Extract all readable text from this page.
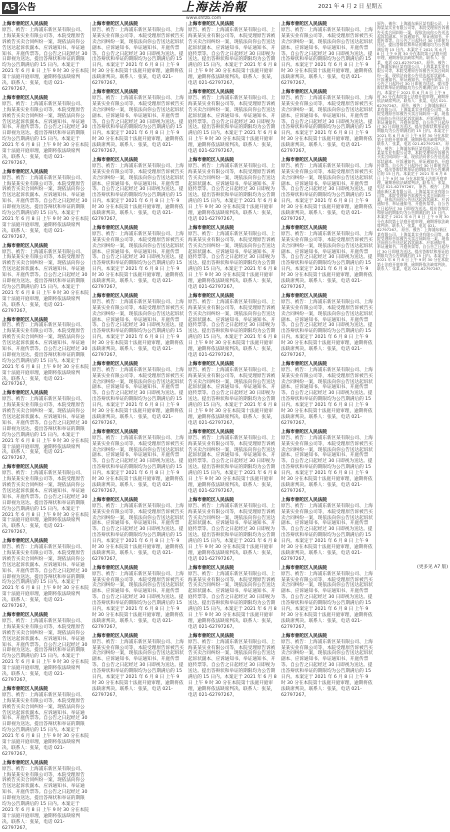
A5 公告	上海法治報	2021 年 4 月 2 日 星期五
www.shfzb.com
上海市普陀区人民法院
原告、被告：上海浦东新区某有限公司、上海某某实业有限公司等，本院受理原告诉被告买卖合同纠纷一案，现依法向你公告送达起诉状副本、应诉通知书、举证通知书、开庭传票等。自公告之日起经过 30 日即视为送达。提出答辩状和举证的期限均为公告期满后的 15 日内。本案定于 2021 年 6 月 8 日 上午 9 时 30 分在本院第十法庭开庭审理，逾期将依法缺席判决。联系人：张某，电话 021-62797267。
上海市普陀区人民法院
原告、被告：上海浦东新区某有限公司、上海某某实业有限公司等，本院受理原告诉被告买卖合同纠纷一案，现依法向你公告送达起诉状副本、应诉通知书、举证通知书、开庭传票等。自公告之日起经过 30 日即视为送达。提出答辩状和举证的期限均为公告期满后的 15 日内。本案定于 2021 年 6 月 8 日 上午 9 时 30 分在本院第十法庭开庭审理，逾期将依法缺席判决。联系人：张某，电话 021-62797267。
上海市普陀区人民法院
原告、被告：上海浦东新区某有限公司、上海某某实业有限公司等，本院受理原告诉被告买卖合同纠纷一案，现依法向你公告送达起诉状副本、应诉通知书、举证通知书、开庭传票等。自公告之日起经过 30 日即视为送达。提出答辩状和举证的期限均为公告期满后的 15 日内。本案定于 2021 年 6 月 8 日 上午 9 时 30 分在本院第十法庭开庭审理，逾期将依法缺席判决。联系人：张某，电话 021-62797267。
上海市普陀区人民法院
原告、被告：上海浦东新区某有限公司、上海某某实业有限公司等，本院受理原告诉被告买卖合同纠纷一案，现依法向你公告送达起诉状副本、应诉通知书、举证通知书、开庭传票等。自公告之日起经过 30 日即视为送达。提出答辩状和举证的期限均为公告期满后的 15 日内。本案定于 2021 年 6 月 8 日 上午 9 时 30 分在本院第十法庭开庭审理，逾期将依法缺席判决。联系人：张某，电话 021-62797267。
上海市普陀区人民法院
原告、被告：上海浦东新区某有限公司、上海某某实业有限公司等，本院受理原告诉被告买卖合同纠纷一案，现依法向你公告送达起诉状副本、应诉通知书、举证通知书、开庭传票等。自公告之日起经过 30 日即视为送达。提出答辩状和举证的期限均为公告期满后的 15 日内。本案定于 2021 年 6 月 8 日 上午 9 时 30 分在本院第十法庭开庭审理，逾期将依法缺席判决。联系人：张某，电话 021-62797267。
上海市普陀区人民法院
原告、被告：上海浦东新区某有限公司、上海某某实业有限公司等，本院受理原告诉被告买卖合同纠纷一案，现依法向你公告送达起诉状副本、应诉通知书、举证通知书、开庭传票等。自公告之日起经过 30 日即视为送达。提出答辩状和举证的期限均为公告期满后的 15 日内。本案定于 2021 年 6 月 8 日 上午 9 时 30 分在本院第十法庭开庭审理，逾期将依法缺席判决。联系人：张某，电话 021-62797267。
上海市普陀区人民法院
原告、被告：上海浦东新区某有限公司、上海某某实业有限公司等，本院受理原告诉被告买卖合同纠纷一案，现依法向你公告送达起诉状副本、应诉通知书、举证通知书、开庭传票等。自公告之日起经过 30 日即视为送达。提出答辩状和举证的期限均为公告期满后的 15 日内。本案定于 2021 年 6 月 8 日 上午 9 时 30 分在本院第十法庭开庭审理，逾期将依法缺席判决。联系人：张某，电话 021-62797267。
上海市普陀区人民法院
原告、被告：上海浦东新区某有限公司、上海某某实业有限公司等，本院受理原告诉被告买卖合同纠纷一案，现依法向你公告送达起诉状副本、应诉通知书、举证通知书、开庭传票等。自公告之日起经过 30 日即视为送达。提出答辩状和举证的期限均为公告期满后的 15 日内。本案定于 2021 年 6 月 8 日 上午 9 时 30 分在本院第十法庭开庭审理，逾期将依法缺席判决。联系人：张某，电话 021-62797267。
上海市普陀区人民法院
原告、被告：上海浦东新区某有限公司、上海某某实业有限公司等，本院受理原告诉被告买卖合同纠纷一案，现依法向你公告送达起诉状副本、应诉通知书、举证通知书、开庭传票等。自公告之日起经过 30 日即视为送达。提出答辩状和举证的期限均为公告期满后的 15 日内。本案定于 2021 年 6 月 8 日 上午 9 时 30 分在本院第十法庭开庭审理，逾期将依法缺席判决。联系人：张某，电话 021-62797267。
上海市普陀区人民法院
原告、被告：上海浦东新区某有限公司、上海某某实业有限公司等，本院受理原告诉被告买卖合同纠纷一案，现依法向你公告送达起诉状副本、应诉通知书、举证通知书、开庭传票等。自公告之日起经过 30 日即视为送达。提出答辩状和举证的期限均为公告期满后的 15 日内。本案定于 2021 年 6 月 8 日 上午 9 时 30 分在本院第十法庭开庭审理，逾期将依法缺席判决。联系人：张某，电话 021-62797267。
上海市普陀区人民法院
原告、被告：上海浦东新区某有限公司、上海某某实业有限公司等，本院受理原告诉被告买卖合同纠纷一案，现依法向你公告送达起诉状副本、应诉通知书、举证通知书、开庭传票等。自公告之日起经过 30 日即视为送达。提出答辩状和举证的期限均为公告期满后的 15 日内。本案定于 2021 年 6 月 8 日 上午 9 时 30 分在本院第十法庭开庭审理，逾期将依法缺席判决。联系人：张某，电话 021-62797267。
上海市普陀区人民法院
原告、被告：上海浦东新区某有限公司、上海某某实业有限公司等，本院受理原告诉被告买卖合同纠纷一案，现依法向你公告送达起诉状副本、应诉通知书、举证通知书、开庭传票等。自公告之日起经过 30 日即视为送达。提出答辩状和举证的期限均为公告期满后的 15 日内。本案定于 2021 年 6 月 8 日 上午 9 时 30 分在本院第十法庭开庭审理，逾期将依法缺席判决。联系人：张某，电话 021-62797267。
上海市普陀区人民法院
原告、被告：上海浦东新区某有限公司、上海某某实业有限公司等，本院受理原告诉被告买卖合同纠纷一案，现依法向你公告送达起诉状副本、应诉通知书、举证通知书、开庭传票等。自公告之日起经过 30 日即视为送达。提出答辩状和举证的期限均为公告期满后的 15 日内。本案定于 2021 年 6 月 8 日 上午 9 时 30 分在本院第十法庭开庭审理，逾期将依法缺席判决。联系人：张某，电话 021-62797267。
上海市普陀区人民法院
原告、被告：上海浦东新区某有限公司、上海某某实业有限公司等，本院受理原告诉被告买卖合同纠纷一案，现依法向你公告送达起诉状副本、应诉通知书、举证通知书、开庭传票等。自公告之日起经过 30 日即视为送达。提出答辩状和举证的期限均为公告期满后的 15 日内。本案定于 2021 年 6 月 8 日 上午 9 时 30 分在本院第十法庭开庭审理，逾期将依法缺席判决。联系人：张某，电话 021-62797267。
上海市普陀区人民法院
原告、被告：上海浦东新区某有限公司、上海某某实业有限公司等，本院受理原告诉被告买卖合同纠纷一案，现依法向你公告送达起诉状副本、应诉通知书、举证通知书、开庭传票等。自公告之日起经过 30 日即视为送达。提出答辩状和举证的期限均为公告期满后的 15 日内。本案定于 2021 年 6 月 8 日 上午 9 时 30 分在本院第十法庭开庭审理，逾期将依法缺席判决。联系人：张某，电话 021-62797267。
上海市普陀区人民法院
原告、被告：上海浦东新区某有限公司、上海某某实业有限公司等，本院受理原告诉被告买卖合同纠纷一案，现依法向你公告送达起诉状副本、应诉通知书、举证通知书、开庭传票等。自公告之日起经过 30 日即视为送达。提出答辩状和举证的期限均为公告期满后的 15 日内。本案定于 2021 年 6 月 8 日 上午 9 时 30 分在本院第十法庭开庭审理，逾期将依法缺席判决。联系人：张某，电话 021-62797267。
上海市普陀区人民法院
原告、被告：上海浦东新区某有限公司、上海某某实业有限公司等，本院受理原告诉被告买卖合同纠纷一案，现依法向你公告送达起诉状副本、应诉通知书、举证通知书、开庭传票等。自公告之日起经过 30 日即视为送达。提出答辩状和举证的期限均为公告期满后的 15 日内。本案定于 2021 年 6 月 8 日 上午 9 时 30 分在本院第十法庭开庭审理，逾期将依法缺席判决。联系人：张某，电话 021-62797267。
上海市普陀区人民法院
原告、被告：上海浦东新区某有限公司、上海某某实业有限公司等，本院受理原告诉被告买卖合同纠纷一案，现依法向你公告送达起诉状副本、应诉通知书、举证通知书、开庭传票等。自公告之日起经过 30 日即视为送达。提出答辩状和举证的期限均为公告期满后的 15 日内。本案定于 2021 年 6 月 8 日 上午 9 时 30 分在本院第十法庭开庭审理，逾期将依法缺席判决。联系人：张某，电话 021-62797267。
上海市普陀区人民法院
原告、被告：上海浦东新区某有限公司、上海某某实业有限公司等，本院受理原告诉被告买卖合同纠纷一案，现依法向你公告送达起诉状副本、应诉通知书、举证通知书、开庭传票等。自公告之日起经过 30 日即视为送达。提出答辩状和举证的期限均为公告期满后的 15 日内。本案定于 2021 年 6 月 8 日 上午 9 时 30 分在本院第十法庭开庭审理，逾期将依法缺席判决。联系人：张某，电话 021-62797267。
上海市普陀区人民法院
原告、被告：上海浦东新区某有限公司、上海某某实业有限公司等，本院受理原告诉被告买卖合同纠纷一案，现依法向你公告送达起诉状副本、应诉通知书、举证通知书、开庭传票等。自公告之日起经过 30 日即视为送达。提出答辩状和举证的期限均为公告期满后的 15 日内。本案定于 2021 年 6 月 8 日 上午 9 时 30 分在本院第十法庭开庭审理，逾期将依法缺席判决。联系人：张某，电话 021-62797267。
上海市普陀区人民法院
原告、被告：上海浦东新区某有限公司、上海某某实业有限公司等，本院受理原告诉被告买卖合同纠纷一案，现依法向你公告送达起诉状副本、应诉通知书、举证通知书、开庭传票等。自公告之日起经过 30 日即视为送达。提出答辩状和举证的期限均为公告期满后的 15 日内。本案定于 2021 年 6 月 8 日 上午 9 时 30 分在本院第十法庭开庭审理，逾期将依法缺席判决。联系人：张某，电话 021-62797267。
上海市普陀区人民法院
原告、被告：上海浦东新区某有限公司、上海某某实业有限公司等，本院受理原告诉被告买卖合同纠纷一案，现依法向你公告送达起诉状副本、应诉通知书、举证通知书、开庭传票等。自公告之日起经过 30 日即视为送达。提出答辩状和举证的期限均为公告期满后的 15 日内。本案定于 2021 年 6 月 8 日 上午 9 时 30 分在本院第十法庭开庭审理，逾期将依法缺席判决。联系人：张某，电话 021-62797267。
上海市普陀区人民法院
原告、被告：上海浦东新区某有限公司、上海某某实业有限公司等，本院受理原告诉被告买卖合同纠纷一案，现依法向你公告送达起诉状副本、应诉通知书、举证通知书、开庭传票等。自公告之日起经过 30 日即视为送达。提出答辩状和举证的期限均为公告期满后的 15 日内。本案定于 2021 年 6 月 8 日 上午 9 时 30 分在本院第十法庭开庭审理，逾期将依法缺席判决。联系人：张某，电话 021-62797267。
上海市普陀区人民法院
原告、被告：上海浦东新区某有限公司、上海某某实业有限公司等，本院受理原告诉被告买卖合同纠纷一案，现依法向你公告送达起诉状副本、应诉通知书、举证通知书、开庭传票等。自公告之日起经过 30 日即视为送达。提出答辩状和举证的期限均为公告期满后的 15 日内。本案定于 2021 年 6 月 8 日 上午 9 时 30 分在本院第十法庭开庭审理，逾期将依法缺席判决。联系人：张某，电话 021-62797267。
上海市普陀区人民法院
原告、被告：上海浦东新区某有限公司、上海某某实业有限公司等，本院受理原告诉被告买卖合同纠纷一案，现依法向你公告送达起诉状副本、应诉通知书、举证通知书、开庭传票等。自公告之日起经过 30 日即视为送达。提出答辩状和举证的期限均为公告期满后的 15 日内。本案定于 2021 年 6 月 8 日 上午 9 时 30 分在本院第十法庭开庭审理，逾期将依法缺席判决。联系人：张某，电话 021-62797267。
上海市普陀区人民法院
原告、被告：上海浦东新区某有限公司、上海某某实业有限公司等，本院受理原告诉被告买卖合同纠纷一案，现依法向你公告送达起诉状副本、应诉通知书、举证通知书、开庭传票等。自公告之日起经过 30 日即视为送达。提出答辩状和举证的期限均为公告期满后的 15 日内。本案定于 2021 年 6 月 8 日 上午 9 时 30 分在本院第十法庭开庭审理，逾期将依法缺席判决。联系人：张某，电话 021-62797267。
上海市普陀区人民法院
原告、被告：上海浦东新区某有限公司、上海某某实业有限公司等，本院受理原告诉被告买卖合同纠纷一案，现依法向你公告送达起诉状副本、应诉通知书、举证通知书、开庭传票等。自公告之日起经过 30 日即视为送达。提出答辩状和举证的期限均为公告期满后的 15 日内。本案定于 2021 年 6 月 8 日 上午 9 时 30 分在本院第十法庭开庭审理，逾期将依法缺席判决。联系人：张某，电话 021-62797267。
上海市普陀区人民法院
原告、被告：上海浦东新区某有限公司、上海某某实业有限公司等，本院受理原告诉被告买卖合同纠纷一案，现依法向你公告送达起诉状副本、应诉通知书、举证通知书、开庭传票等。自公告之日起经过 30 日即视为送达。提出答辩状和举证的期限均为公告期满后的 15 日内。本案定于 2021 年 6 月 8 日 上午 9 时 30 分在本院第十法庭开庭审理，逾期将依法缺席判决。联系人：张某，电话 021-62797267。
上海市普陀区人民法院
原告、被告：上海浦东新区某有限公司、上海某某实业有限公司等，本院受理原告诉被告买卖合同纠纷一案，现依法向你公告送达起诉状副本、应诉通知书、举证通知书、开庭传票等。自公告之日起经过 30 日即视为送达。提出答辩状和举证的期限均为公告期满后的 15 日内。本案定于 2021 年 6 月 8 日 上午 9 时 30 分在本院第十法庭开庭审理，逾期将依法缺席判决。联系人：张某，电话 021-62797267。
上海市普陀区人民法院
原告、被告：上海浦东新区某有限公司、上海某某实业有限公司等，本院受理原告诉被告买卖合同纠纷一案，现依法向你公告送达起诉状副本、应诉通知书、举证通知书、开庭传票等。自公告之日起经过 30 日即视为送达。提出答辩状和举证的期限均为公告期满后的 15 日内。本案定于 2021 年 6 月 8 日 上午 9 时 30 分在本院第十法庭开庭审理，逾期将依法缺席判决。联系人：张某，电话 021-62797267。
上海市普陀区人民法院
原告、被告：上海浦东新区某有限公司、上海某某实业有限公司等，本院受理原告诉被告买卖合同纠纷一案，现依法向你公告送达起诉状副本、应诉通知书、举证通知书、开庭传票等。自公告之日起经过 30 日即视为送达。提出答辩状和举证的期限均为公告期满后的 15 日内。本案定于 2021 年 6 月 8 日 上午 9 时 30 分在本院第十法庭开庭审理，逾期将依法缺席判决。联系人：张某，电话 021-62797267。
上海市普陀区人民法院
原告、被告：上海浦东新区某有限公司、上海某某实业有限公司等，本院受理原告诉被告买卖合同纠纷一案，现依法向你公告送达起诉状副本、应诉通知书、举证通知书、开庭传票等。自公告之日起经过 30 日即视为送达。提出答辩状和举证的期限均为公告期满后的 15 日内。本案定于 2021 年 6 月 8 日 上午 9 时 30 分在本院第十法庭开庭审理，逾期将依法缺席判决。联系人：张某，电话 021-62797267。
上海市普陀区人民法院
原告、被告：上海浦东新区某有限公司、上海某某实业有限公司等，本院受理原告诉被告买卖合同纠纷一案，现依法向你公告送达起诉状副本、应诉通知书、举证通知书、开庭传票等。自公告之日起经过 30 日即视为送达。提出答辩状和举证的期限均为公告期满后的 15 日内。本案定于 2021 年 6 月 8 日 上午 9 时 30 分在本院第十法庭开庭审理，逾期将依法缺席判决。联系人：张某，电话 021-62797267。
上海市普陀区人民法院
原告、被告：上海浦东新区某有限公司、上海某某实业有限公司等，本院受理原告诉被告买卖合同纠纷一案，现依法向你公告送达起诉状副本、应诉通知书、举证通知书、开庭传票等。自公告之日起经过 30 日即视为送达。提出答辩状和举证的期限均为公告期满后的 15 日内。本案定于 2021 年 6 月 8 日 上午 9 时 30 分在本院第十法庭开庭审理，逾期将依法缺席判决。联系人：张某，电话 021-62797267。
上海市普陀区人民法院
原告、被告：上海浦东新区某有限公司、上海某某实业有限公司等，本院受理原告诉被告买卖合同纠纷一案，现依法向你公告送达起诉状副本、应诉通知书、举证通知书、开庭传票等。自公告之日起经过 30 日即视为送达。提出答辩状和举证的期限均为公告期满后的 15 日内。本案定于 2021 年 6 月 8 日 上午 9 时 30 分在本院第十法庭开庭审理，逾期将依法缺席判决。联系人：张某，电话 021-62797267。
上海市普陀区人民法院
原告、被告：上海浦东新区某有限公司、上海某某实业有限公司等，本院受理原告诉被告买卖合同纠纷一案，现依法向你公告送达起诉状副本、应诉通知书、举证通知书、开庭传票等。自公告之日起经过 30 日即视为送达。提出答辩状和举证的期限均为公告期满后的 15 日内。本案定于 2021 年 6 月 8 日 上午 9 时 30 分在本院第十法庭开庭审理，逾期将依法缺席判决。联系人：张某，电话 021-62797267。
上海市普陀区人民法院
原告、被告：上海浦东新区某有限公司、上海某某实业有限公司等，本院受理原告诉被告买卖合同纠纷一案，现依法向你公告送达起诉状副本、应诉通知书、举证通知书、开庭传票等。自公告之日起经过 30 日即视为送达。提出答辩状和举证的期限均为公告期满后的 15 日内。本案定于 2021 年 6 月 8 日 上午 9 时 30 分在本院第十法庭开庭审理，逾期将依法缺席判决。联系人：张某，电话 021-62797267。
上海市普陀区人民法院
原告、被告：上海浦东新区某有限公司、上海某某实业有限公司等，本院受理原告诉被告买卖合同纠纷一案，现依法向你公告送达起诉状副本、应诉通知书、举证通知书、开庭传票等。自公告之日起经过 30 日即视为送达。提出答辩状和举证的期限均为公告期满后的 15 日内。本案定于 2021 年 6 月 8 日 上午 9 时 30 分在本院第十法庭开庭审理，逾期将依法缺席判决。联系人：张某，电话 021-62797267。
上海市普陀区人民法院
原告、被告：上海浦东新区某有限公司、上海某某实业有限公司等，本院受理原告诉被告买卖合同纠纷一案，现依法向你公告送达起诉状副本、应诉通知书、举证通知书、开庭传票等。自公告之日起经过 30 日即视为送达。提出答辩状和举证的期限均为公告期满后的 15 日内。本案定于 2021 年 6 月 8 日 上午 9 时 30 分在本院第十法庭开庭审理，逾期将依法缺席判决。联系人：张某，电话 021-62797267。
上海市普陀区人民法院
原告、被告：上海浦东新区某有限公司、上海某某实业有限公司等，本院受理原告诉被告买卖合同纠纷一案，现依法向你公告送达起诉状副本、应诉通知书、举证通知书、开庭传票等。自公告之日起经过 30 日即视为送达。提出答辩状和举证的期限均为公告期满后的 15 日内。本案定于 2021 年 6 月 8 日 上午 9 时 30 分在本院第十法庭开庭审理，逾期将依法缺席判决。联系人：张某，电话 021-62797267。
上海市普陀区人民法院
原告、被告：上海浦东新区某有限公司、上海某某实业有限公司等，本院受理原告诉被告买卖合同纠纷一案，现依法向你公告送达起诉状副本、应诉通知书、举证通知书、开庭传票等。自公告之日起经过 30 日即视为送达。提出答辩状和举证的期限均为公告期满后的 15 日内。本案定于 2021 年 6 月 8 日 上午 9 时 30 分在本院第十法庭开庭审理，逾期将依法缺席判决。联系人：张某，电话 021-62797267。
原告、被告：上海浦东新区某有限公司、上海某某实业有限公司等，本院受理原告诉被告买卖合同纠纷一案，现依法向你公告送达起诉状副本、应诉通知书、举证通知书、开庭传票等。自公告之日起经过 30 日即视为送达。提出答辩状和举证的期限均为公告期满后的 15 日内。本案定于 2021 年 6 月 8 日 上午 9 时 30 分在本院第十法庭开庭审理，逾期将依法缺席判决。联系人：张某，电话 021-62797267。 原告、被告：上海浦东新区某有限公司、上海某某实业有限公司等，本院受理原告诉被告买卖合同纠纷一案，现依法向你公告送达起诉状副本、应诉通知书、举证通知书、开庭传票等。自公告之日起经过 30 日即视为送达。提出答辩状和举证的期限均为公告期满后的 15 日内。本案定于 2021 年 6 月 8 日 上午 9 时 30 分在本院第十法庭开庭审理，逾期将依法缺席判决。联系人：张某，电话 021-62797267。 原告、被告：上海浦东新区某有限公司、上海某某实业有限公司等，本院受理原告诉被告买卖合同纠纷一案，现依法向你公告送达起诉状副本、应诉通知书、举证通知书、开庭传票等。自公告之日起经过 30 日即视为送达。提出答辩状和举证的期限均为公告期满后的 15 日内。本案定于 2021 年 6 月 8 日 上午 9 时 30 分在本院第十法庭开庭审理，逾期将依法缺席判决。联系人：张某，电话 021-62797267。 原告、被告：上海浦东新区某有限公司、上海某某实业有限公司等，本院受理原告诉被告买卖合同纠纷一案，现依法向你公告送达起诉状副本、应诉通知书、举证通知书、开庭传票等。自公告之日起经过 30 日即视为送达。提出答辩状和举证的期限均为公告期满后的 15 日内。本案定于 2021 年 6 月 8 日 上午 9 时 30 分在本院第十法庭开庭审理，逾期将依法缺席判决。联系人：张某，电话 021-62797267。 原告、被告：上海浦东新区某有限公司、上海某某实业有限公司等，本院受理原告诉被告买卖合同纠纷一案，现依法向你公告送达起诉状副本、应诉通知书、举证通知书、开庭传票等。自公告之日起经过 30 日即视为送达。提出答辩状和举证的期限均为公告期满后的 15 日内。本案定于 2021 年 6 月 8 日 上午 9 时 30 分在本院第十法庭开庭审理，逾期将依法缺席判决。联系人：张某，电话 021-62797267。 原告、被告：上海浦东新区某有限公司、上海某某实业有限公司等，本院受理原告诉被告买卖合同纠纷一案，现依法向你公告送达起诉状副本、应诉通知书、举证通知书、开庭传票等。自公告之日起经过 30 日即视为送达。提出答辩状和举证的期限均为公告期满后的 15 日内。本案定于 2021 年 6 月 8 日 上午 9 时 30 分在本院第十法庭开庭审理，逾期将依法缺席判决。联系人：张某，电话 021-62797267。
(更多见 A7 版)
